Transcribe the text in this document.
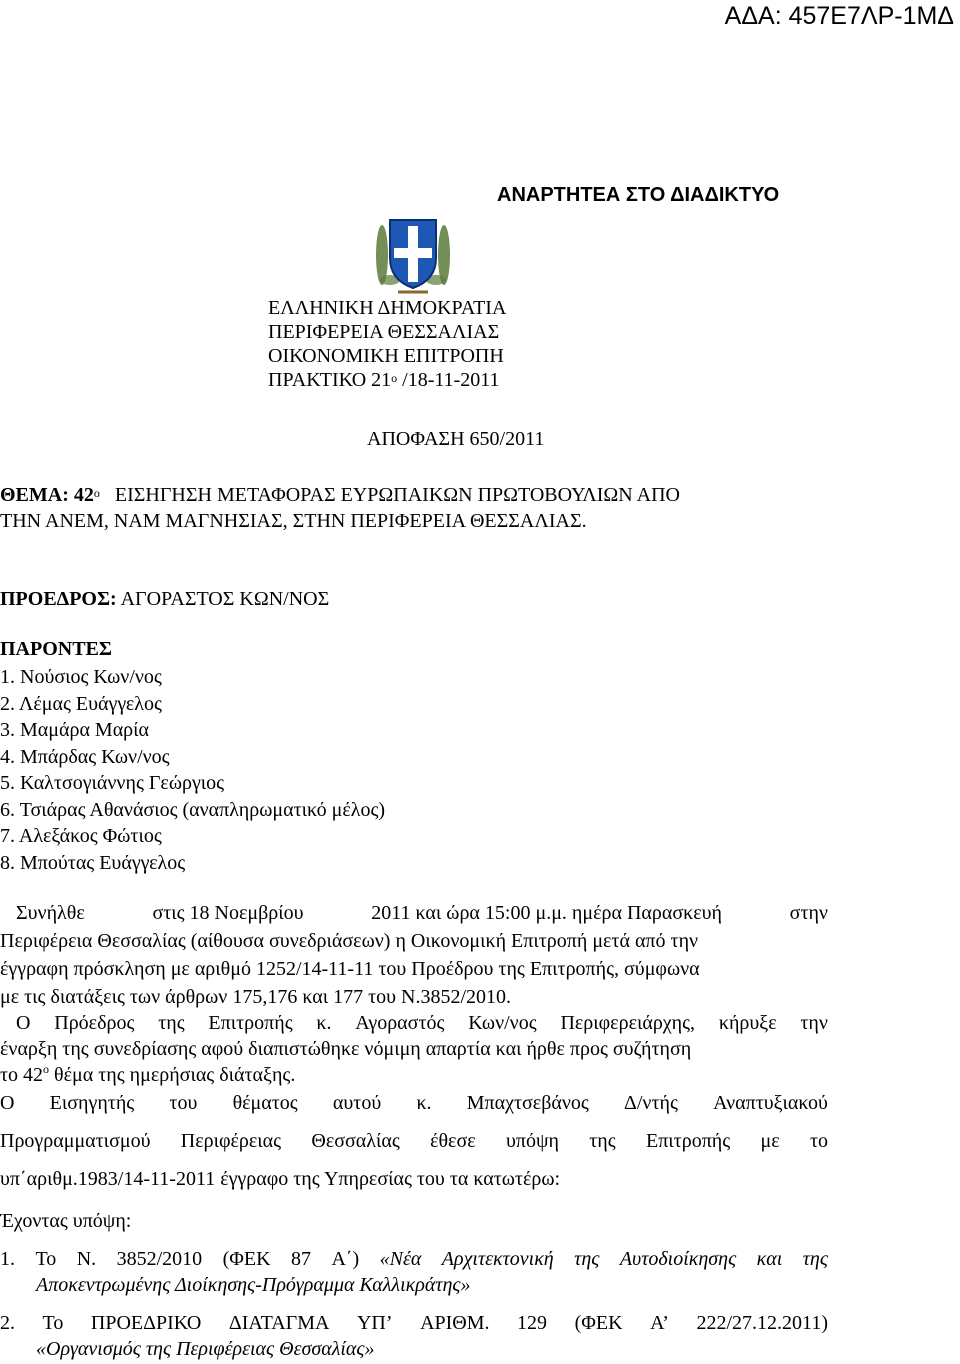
ΑΔΑ: 457Ε7ΛΡ-1ΜΔ
ΑΝΑΡΤΗΤΕΑ ΣΤΟ ΔΙΑΔΙΚΤΥΟ
ΕΛΛΗΝΙΚΗ ΔΗΜΟΚΡΑΤΙΑ
ΠΕΡΙΦΕΡΕΙΑ ΘΕΣΣΑΛΙΑΣ
ΟΙΚΟΝΟΜΙΚΗ ΕΠΙΤΡΟΠΗ
ΠΡΑΚΤΙΚΟ $21^o$ /18-11-2011
ΑΠΟΦΑΣΗ 650/2011
ΘΕΜΑ: $42^o$ ΕΙΣΗΓΗΣΗ ΜΕΤΑΦΟΡΑΣ ΕΥΡΩΠΑΙΚΩΝ ΠΡΩΤΟΒΟΥΛΙΩΝ ΑΠΟ
ΤΗΝ ΑΝΕΜ, ΝΑΜ ΜΑΓΝΗΣΙΑΣ, ΣΤΗΝ ΠΕΡΙΦΕΡΕΙΑ ΘΕΣΣΑΛΙΑΣ.
ΠΡΟΕΔΡΟΣ: ΑΓΟΡΑΣΤΟΣ ΚΩΝ/ΝΟΣ
ΠΑΡΟΝΤΕΣ
1. Νούσιος Κων/νος
2. Λέμας Ευάγγελος
3. Μαμάρα Μαρία
4. Μπάρδας Κων/νος
5. Καλτσογιάννης Γεώργιος
6. Τσιάρας Αθανάσιος (αναπληρωματικό μέλος)
7. Αλεξάκος Φώτιος
8. Μπούτας Ευάγγελος
Συνήλθε	στις 18 Νοεμβρίου	2011 και ώρα 15:00 μ.μ. ημέρα Παρασκευή	στην
Περιφέρεια Θεσσαλίας (αίθουσα συνεδριάσεων) η Οικονομική Επιτροπή μετά από την
έγγραφη πρόσκληση με αριθμό 1252/14-11-11 του Προέδρου της Επιτροπής, σύμφωνα
με τις διατάξεις των άρθρων 175,176 και 177 του Ν.3852/2010.
Ο Πρόεδρος της Επιτροπής κ. Αγοραστός Κων/νος Περιφερειάρχης, κήρυξε την
έναρξη της συνεδρίασης αφού διαπιστώθηκε νόμιμη απαρτία και ήρθε προς συζήτηση
το $42^o$ θέμα της ημερήσιας διάταξης.
Ο Εισηγητής του θέματος αυτού κ. Μπαχτσεβάνος Δ/ντής Αναπτυξιακού
Προγραμματισμού Περιφέρειας Θεσσαλίας έθεσε υπόψη της Επιτροπής με το
υπ΄αριθμ.1983/14-11-2011 έγγραφο της Υπηρεσίας του τα κατωτέρω:
Έχοντας υπόψη:
1. Το Ν. 3852/2010 (ΦΕΚ 87 Α΄) «Νέα Αρχιτεκτονική της Αυτοδιοίκησης και της
Αποκεντρωμένης Διοίκησης-Πρόγραμμα Καλλικράτης»
2. Το ΠΡΟΕΔΡΙΚΟ ΔΙΑΤΑΓΜΑ ΥΠ’ ΑΡΙΘΜ. 129 (ΦΕΚ Α’ 222/27.12.2011)
«Οργανισμός της Περιφέρειας Θεσσαλίας»
